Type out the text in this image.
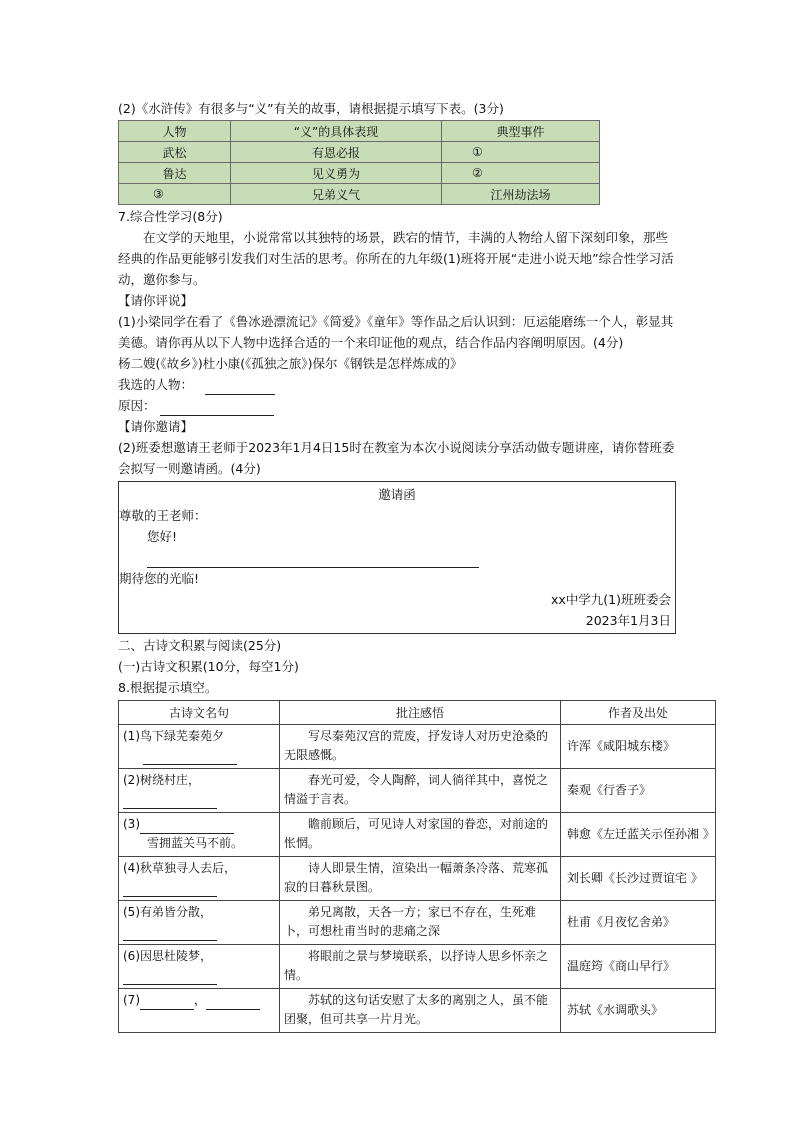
(2)《水浒传》有很多与“义”有关的故事，请根据提示填写下表。(3分)
人物	“义”的具体表现	典型事件
武松	有恩必报	①
鲁达	见义勇为	②
③	兄弟义气	江州劫法场
7.综合性学习(8分)
在文学的天地里，小说常常以其独特的场景，跌宕的情节，丰满的人物给人留下深刻印象，那些经典的作品更能够引发我们对生活的思考。你所在的九年级(1)班将开展“走进小说天地”综合性学习活动，邀你参与。
【请你评说】
(1)小梁同学在看了《鲁冰逊漂流记》《简爱》《童年》等作品之后认识到：厄运能磨练一个人，彰显其美德。请你再从以下人物中选择合适的一个来印证他的观点，结合作品内容阐明原因。(4分)
杨二嫂(《故乡》)杜小康(《孤独之旅》)保尔《钢铁是怎样炼成的》
我选的人物：
原因：
【请你邀请】
(2)班委想邀请王老师于2023年1月4日15时在教室为本次小说阅读分享活动做专题讲座，请你替班委会拟写一则邀请函。(4分)
邀请函
尊敬的王老师：
您好!
期待您的光临!
xx中学九(1)班班委会
2023年1月3日
二、古诗文积累与阅读(25分)
(一)古诗文积累(10分，每空1分)
8.根据提示填空。
古诗文名句	批注感悟	作者及出处
(1)鸟下绿芜秦苑夕	写尽秦苑汉宫的荒废，抒发诗人对历史沧桑的无限感慨。	许浑《咸阳城东楼》
(2)树绕村庄，	春光可爱，令人陶醉，词人徜徉其中，喜悦之情溢于言表。	秦观《行香子》
(3)
雪拥蓝关马不前。	瞻前顾后，可见诗人对家国的眷恋，对前途的怅惘。	韩愈《左迁蓝关示侄孙湘 》
(4)秋草独寻人去后，	诗人即景生情，渲染出一幅萧条冷落、荒寒孤寂的日暮秋景图。	刘长卿《长沙过贾谊宅 》
(5)有弟皆分散，	弟兄离散，天各一方；家已不存在，生死难卜，可想杜甫当时的悲痛之深	杜甫《月夜忆舍弟》
(6)因思杜陵梦，	将眼前之景与梦境联系，以抒诗人思乡怀亲之情。	温庭筠《商山早行》
(7) ，	苏轼的这句话安慰了太多的离别之人，虽不能团聚，但可共享一片月光。	苏轼《水调歌头》
